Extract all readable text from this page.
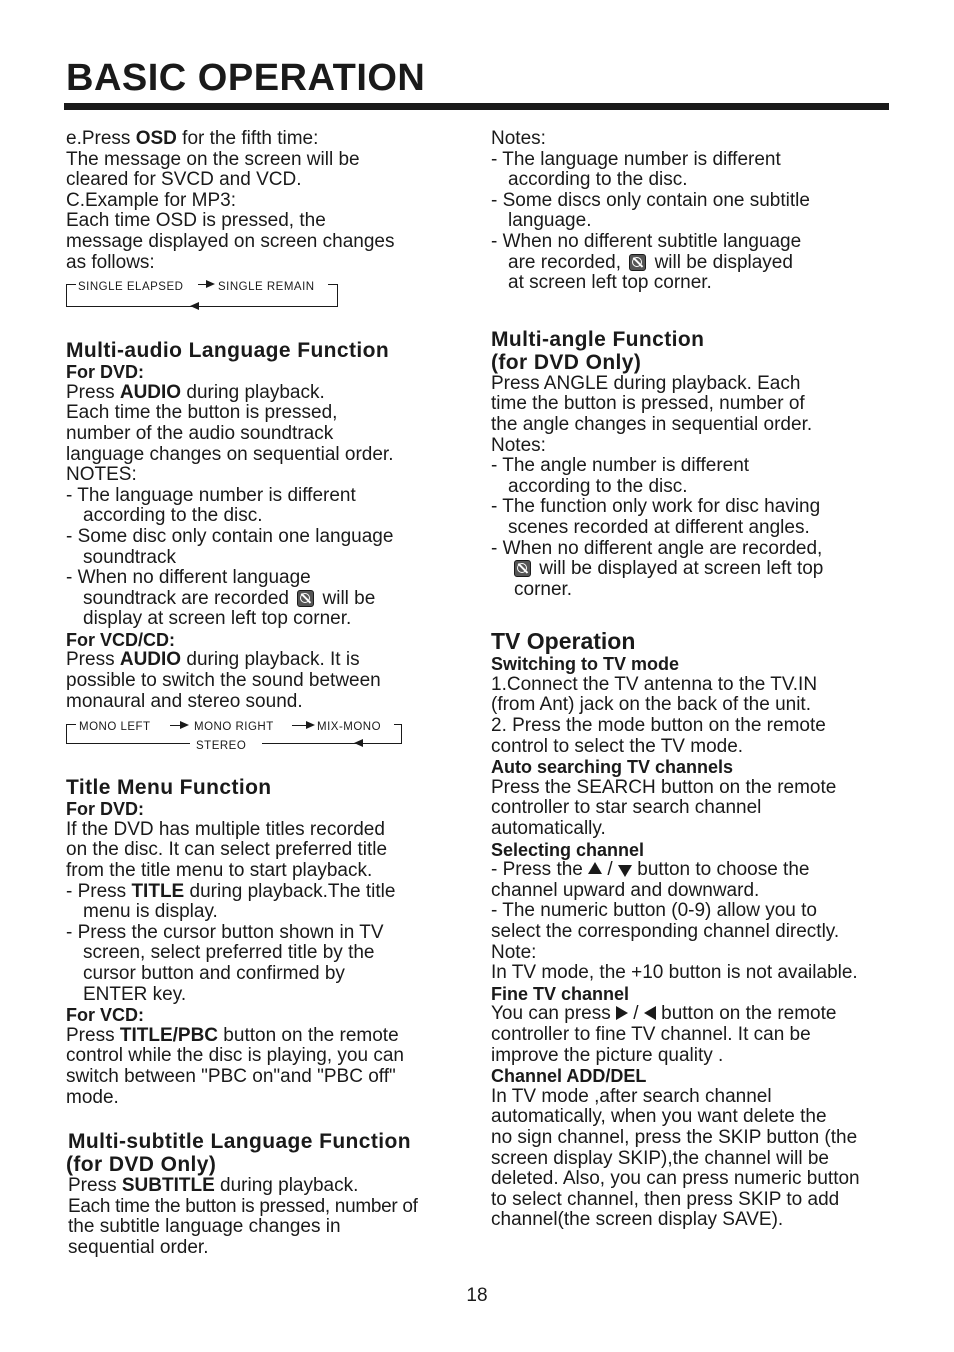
BASIC OPERATION

e.Press OSD for the fifth time:

The message on the screen will be

cleared for SVCD and VCD.

C.Example for MP3:

Each time OSD is pressed, the

message displayed on screen changes

as follows:

SINGLE ELAPSED	SINGLE REMAIN

Multi-audio Language Function

For DVD:

Press AUDIO during playback.

Each time the button is pressed,

number of the audio soundtrack

language changes on sequential order.

NOTES:

- The language number is different

according to the disc.

- Some disc only contain one language

soundtrack

- When no different language

soundtrack are recorded  will be

display at screen left top corner.

For VCD/CD:

Press AUDIO during playback. It is

possible to switch the sound between

monaural and stereo sound.

MONO LEFT	MONO RIGHT	MIX-MONO
STEREO

Title Menu Function

For DVD:

If the DVD has multiple titles recorded

on the disc. It can select preferred title

from the title menu to start playback.

- Press TITLE during playback.The title

menu is display.

- Press the cursor button shown in TV

screen, select preferred title by the

cursor button and confirmed by

ENTER key.

For VCD:

Press TITLE/PBC button on the remote

control while the disc is playing, you can

switch between "PBC on"and "PBC off"

mode.

Multi-subtitle Language Function

(for DVD Only)

Press SUBTITLE during playback.

Each time the button is pressed, number of

the subtitle language changes in

sequential order.

Notes:

- The language number is different

according to the disc.

- Some discs only contain one subtitle

language.

- When no different subtitle language

are recorded,  will be displayed

at screen left top corner.

Multi-angle Function

(for DVD Only)

Press ANGLE during playback. Each

time the button is pressed, number of

the angle changes in sequential order.

Notes:

- The angle number is different

according to the disc.

- The function only work for disc having

scenes recorded at different angles.

- When no different angle are recorded,

will be displayed at screen left top

corner.

TV Operation

Switching to TV mode

1.Connect the TV antenna to the TV.IN

(from Ant) jack on the back of the unit.

2. Press the mode button on the remote

control to select the TV mode.

Auto searching TV channels

Press the SEARCH button on the remote

controller to star search channel

automatically.

Selecting channel

- Press the  /  button to choose the

channel upward and downward.

- The numeric button (0-9) allow you to

select the corresponding channel directly.

Note:

In TV mode, the +10 button is not available.

Fine TV channel

You can press  /  button on the remote

controller to fine TV channel. It can be

improve the picture quality .

Channel ADD/DEL

In TV mode ,after search channel

automatically, when you want delete the

no sign channel, press the SKIP button (the

screen display SKIP),the channel will be

deleted. Also, you can press numeric button

to select channel, then press SKIP to add

channel(the screen display SAVE).

18
